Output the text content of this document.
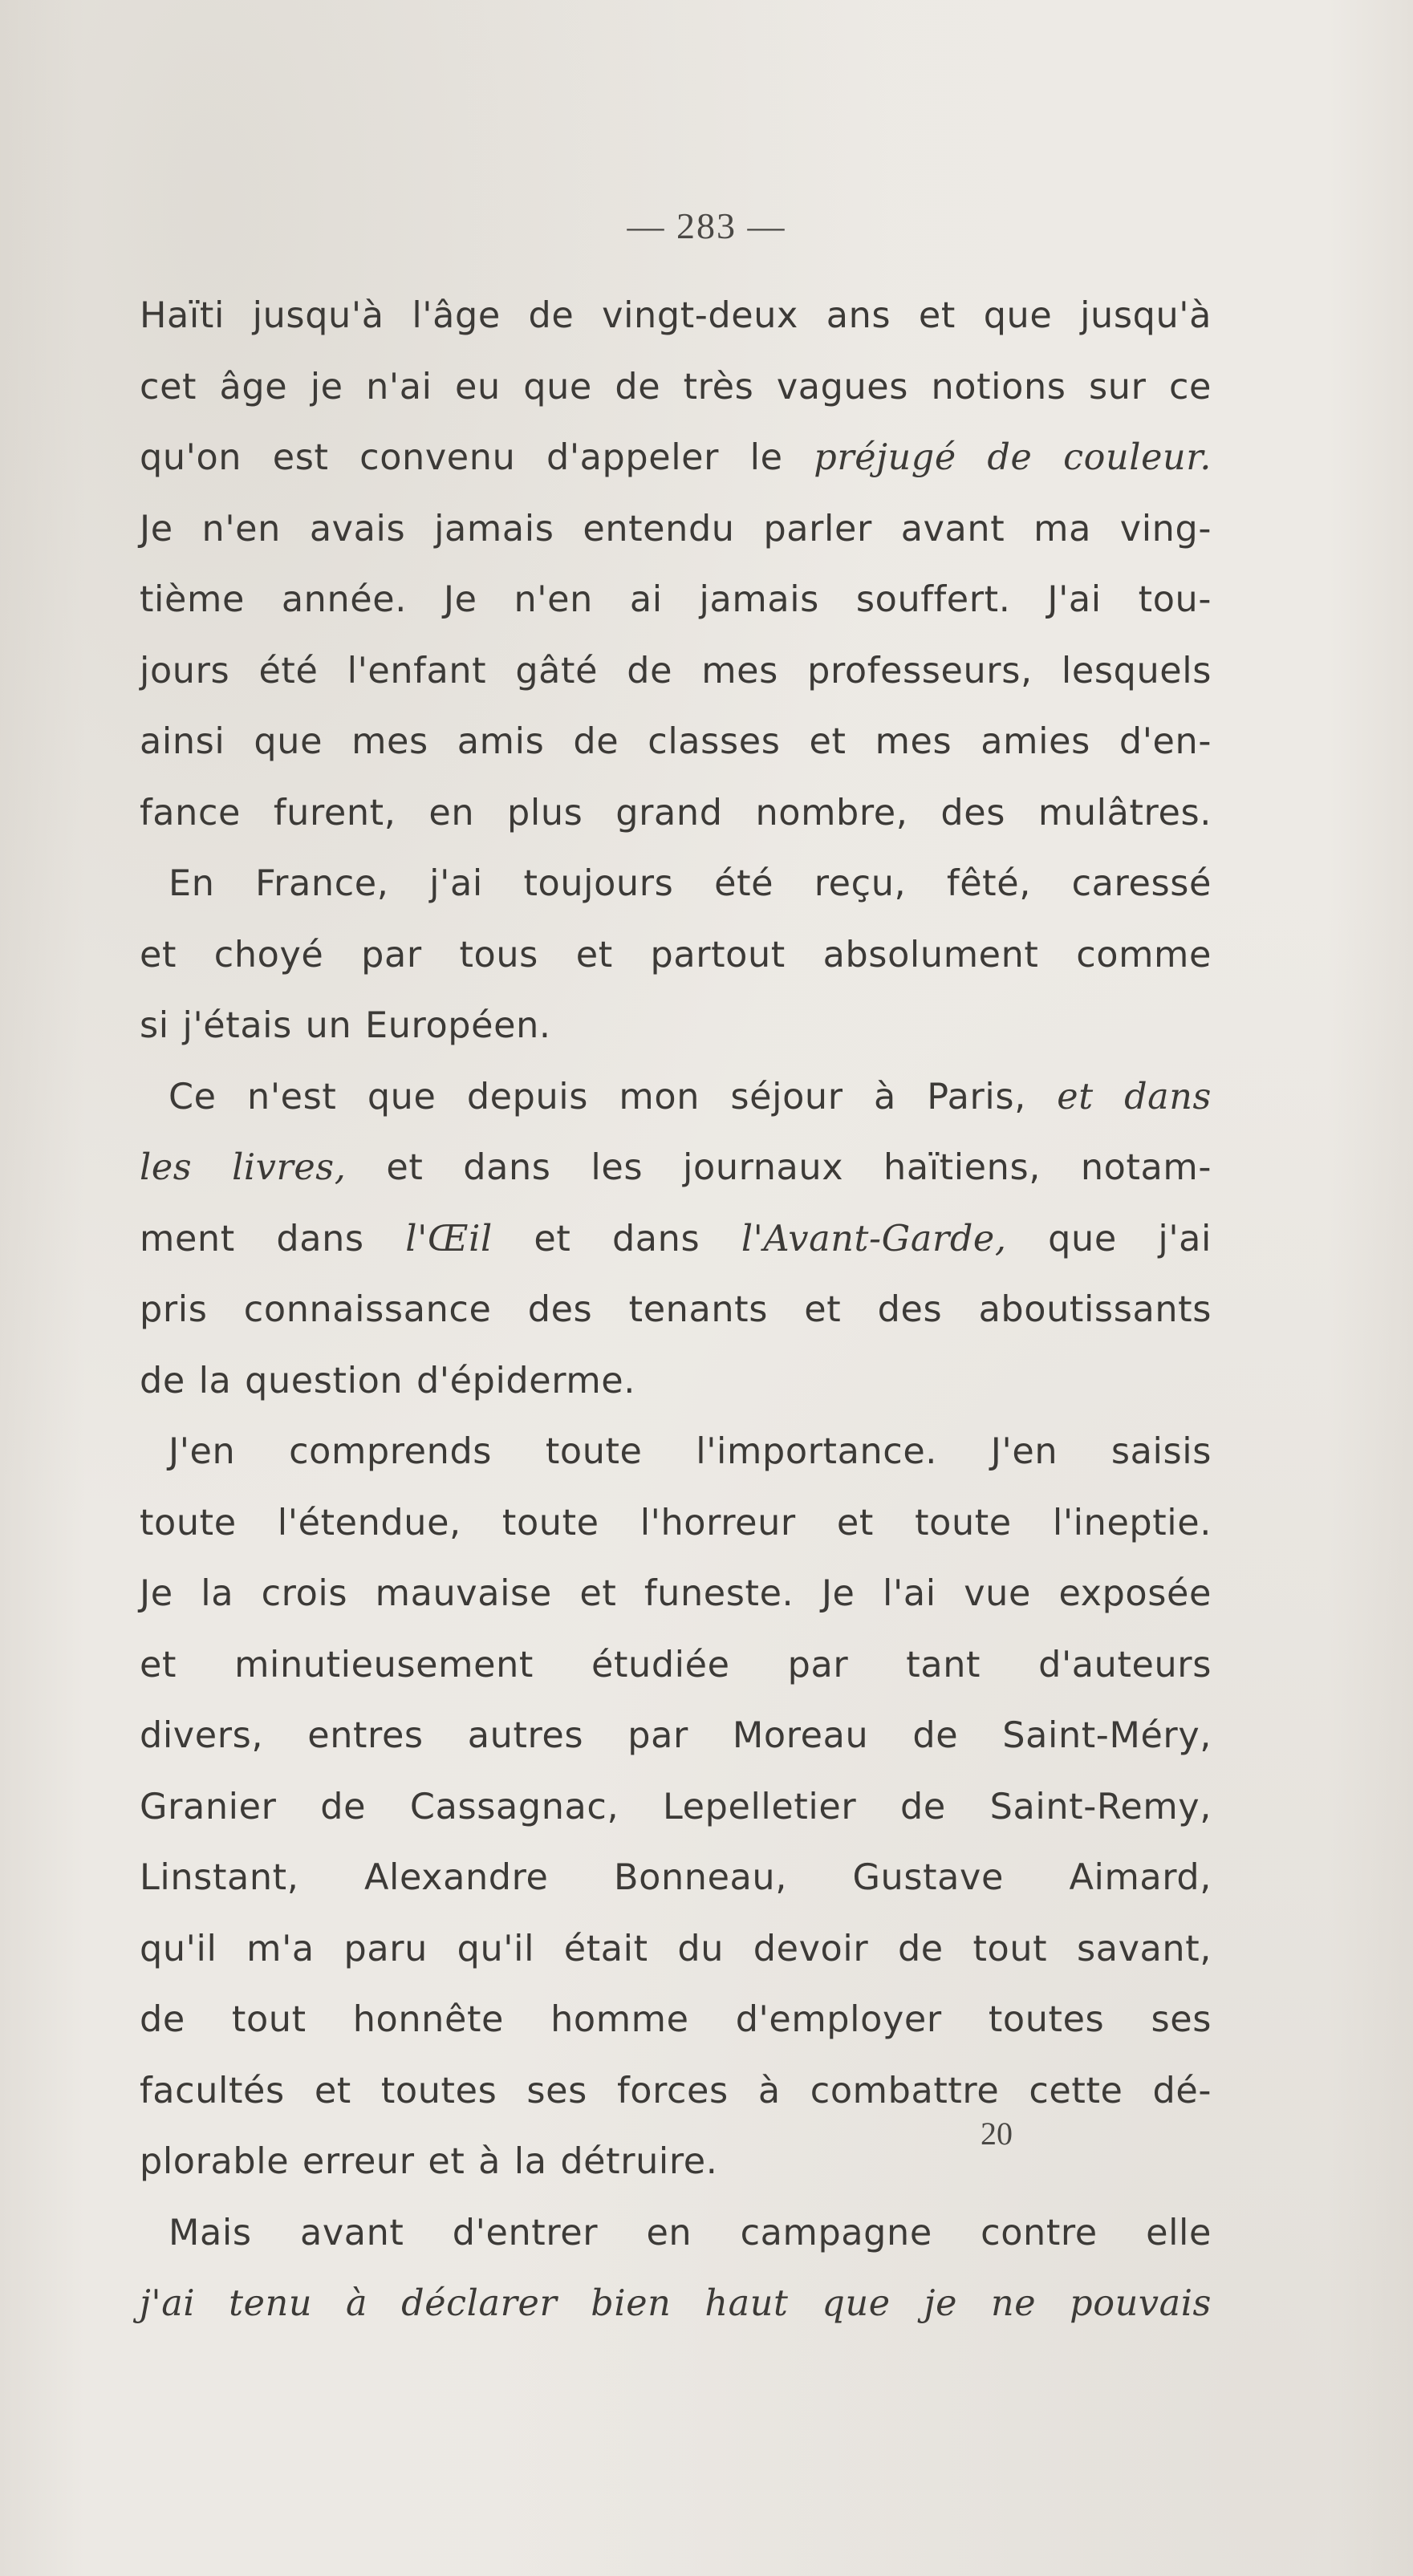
— 283 —
Haïti jusqu'à l'âge de vingt-deux ans et que jusqu'à
cet âge je n'ai eu que de très vagues notions sur ce
qu'on est convenu d'appeler le préjugé de couleur.
Je n'en avais jamais entendu parler avant ma ving-
tième année. Je n'en ai jamais souffert. J'ai tou-
jours été l'enfant gâté de mes professeurs, lesquels
ainsi que mes amis de classes et mes amies d'en-
fance furent, en plus grand nombre, des mulâtres.
En France, j'ai toujours été reçu, fêté, caressé
et choyé par tous et partout absolument comme
si j'étais un Européen.
Ce n'est que depuis mon séjour à Paris, et dans
les livres, et dans les journaux haïtiens, notam-
ment dans l'Œil et dans l'Avant-Garde, que j'ai
pris connaissance des tenants et des aboutissants
de la question d'épiderme.
J'en comprends toute l'importance. J'en saisis
toute l'étendue, toute l'horreur et toute l'ineptie.
Je la crois mauvaise et funeste. Je l'ai vue exposée
et minutieusement étudiée par tant d'auteurs
divers, entres autres par Moreau de Saint-Méry,
Granier de Cassagnac, Lepelletier de Saint-Remy,
Linstant, Alexandre Bonneau, Gustave Aimard,
qu'il m'a paru qu'il était du devoir de tout savant,
de tout honnête homme d'employer toutes ses
facultés et toutes ses forces à combattre cette dé-
plorable erreur et à la détruire.
Mais avant d'entrer en campagne contre elle
j'ai tenu à déclarer bien haut que je ne pouvais
20
